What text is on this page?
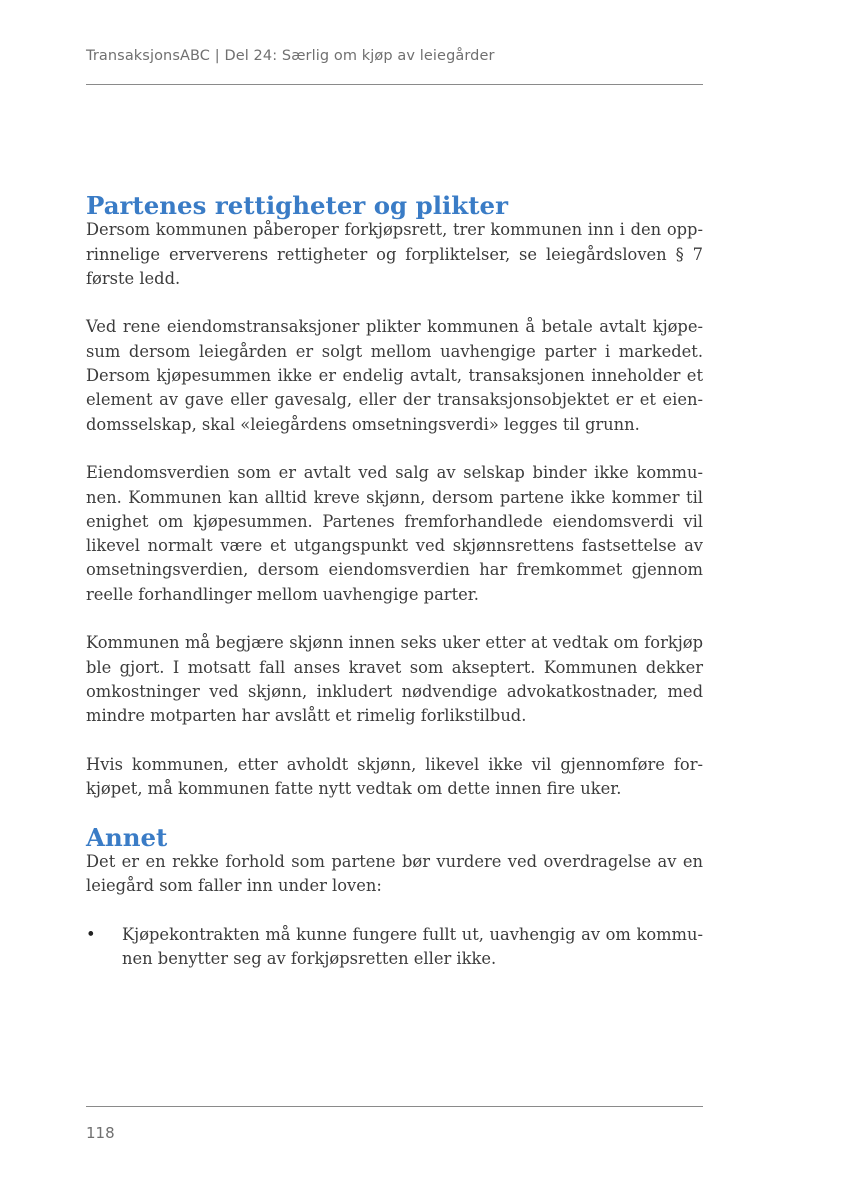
TransaksjonsABC | Del 24: Særlig om kjøp av leiegårder
Partenes rettigheter og plikter

Dersom kommunen påberoper forkjøpsrett, trer kommunen inn i den opprinnelige erververens rettigheter og forpliktelser, se leiegårdsloven § 7 første ledd.

Ved rene eiendomstransaksjoner plikter kommunen å betale avtalt kjøpesum dersom leiegården er solgt mellom uavhengige parter i markedet. Dersom kjøpesummen ikke er endelig avtalt, transaksjonen inneholder et element av gave eller gavesalg, eller der transaksjonsobjektet er et eiendomsselskap, skal «leiegårdens omsetningsverdi» legges til grunn.

Eiendomsverdien som er avtalt ved salg av selskap binder ikke kommunen. Kommunen kan alltid kreve skjønn, dersom partene ikke kommer til enighet om kjøpesummen. Partenes fremforhandlede eiendomsverdi vil likevel normalt være et utgangspunkt ved skjønnsrettens fastsettelse av omsetningsverdien, dersom eiendomsverdien har fremkommet gjennom reelle forhandlinger mellom uavhengige parter.

Kommunen må begjære skjønn innen seks uker etter at vedtak om forkjøp ble gjort. I motsatt fall anses kravet som akseptert. Kommunen dekker omkostninger ved skjønn, inkludert nødvendige advokatkostnader, med mindre motparten har avslått et rimelig forlikstilbud.

Hvis kommunen, etter avholdt skjønn, likevel ikke vil gjennomføre forkjøpet, må kommunen fatte nytt vedtak om dette innen fire uker.

Annet

Det er en rekke forhold som partene bør vurdere ved overdragelse av en leiegård som faller inn under loven:

• Kjøpekontrakten må kunne fungere fullt ut, uavhengig av om kommunen benytter seg av forkjøpsretten eller ikke.
118
